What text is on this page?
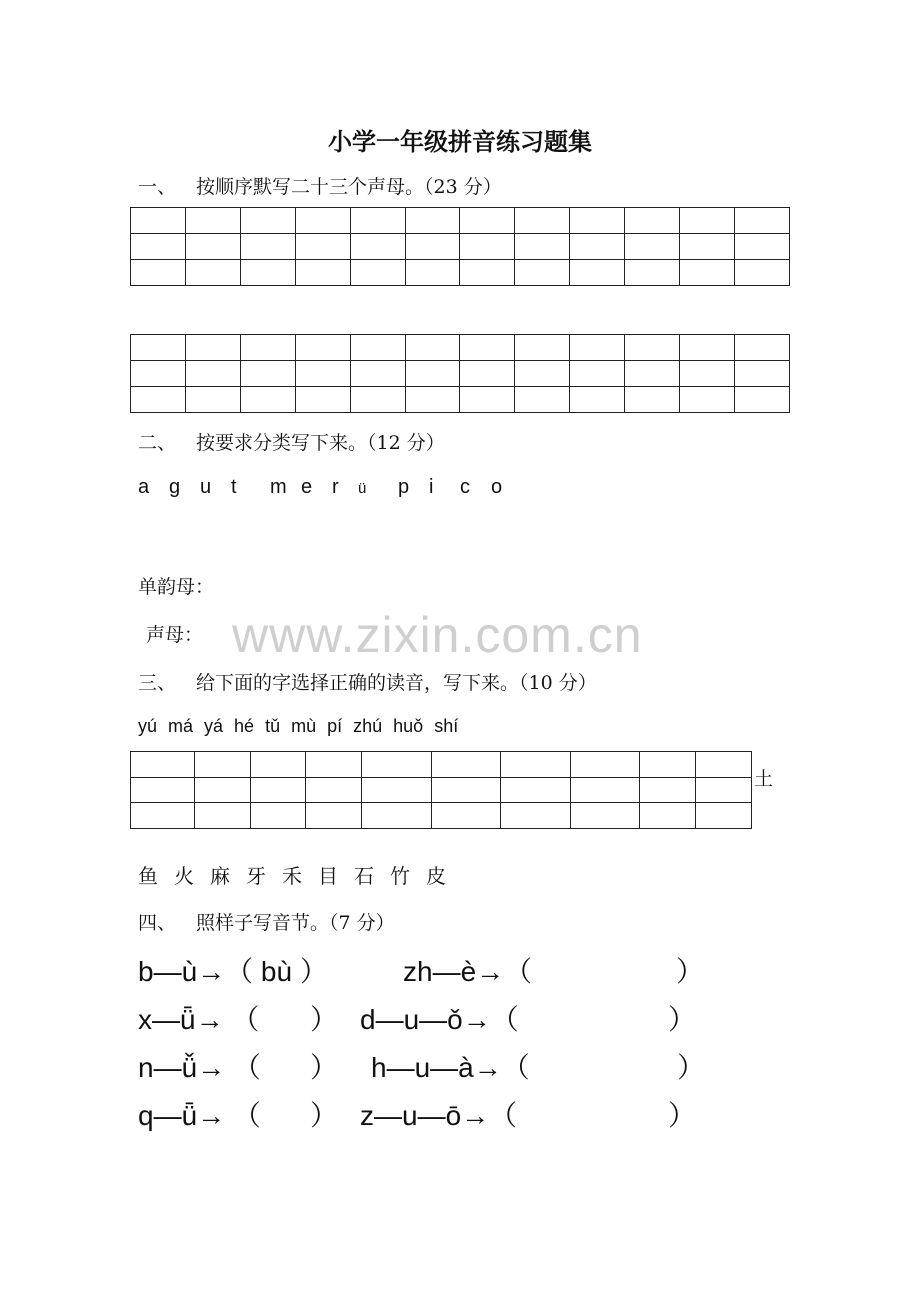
小学一年级拼音练习题集
一、 按顺序默写二十三个声母。（23 分）

二、 按要求分类写下来。（12 分）
a g u t m e r ü p i c o
单韵母：
声母： www.zixin.com.cn
三、 给下面的字选择正确的读音，写下来。（10 分）
yú má yá hé tǔ mù pí zhú huǒ shí

土
鱼 火 麻 牙 禾 目 石 竹 皮
四、 照样子写音节。（7 分）
b—ù→（ bù ）	zh—è→（	）
x—ǖ→ （ ） d—u—ǒ→（	）
n—ǚ→ （ ） h—u—à→（	）
q—ǖ→ （ ） z—u—ō→（	）
